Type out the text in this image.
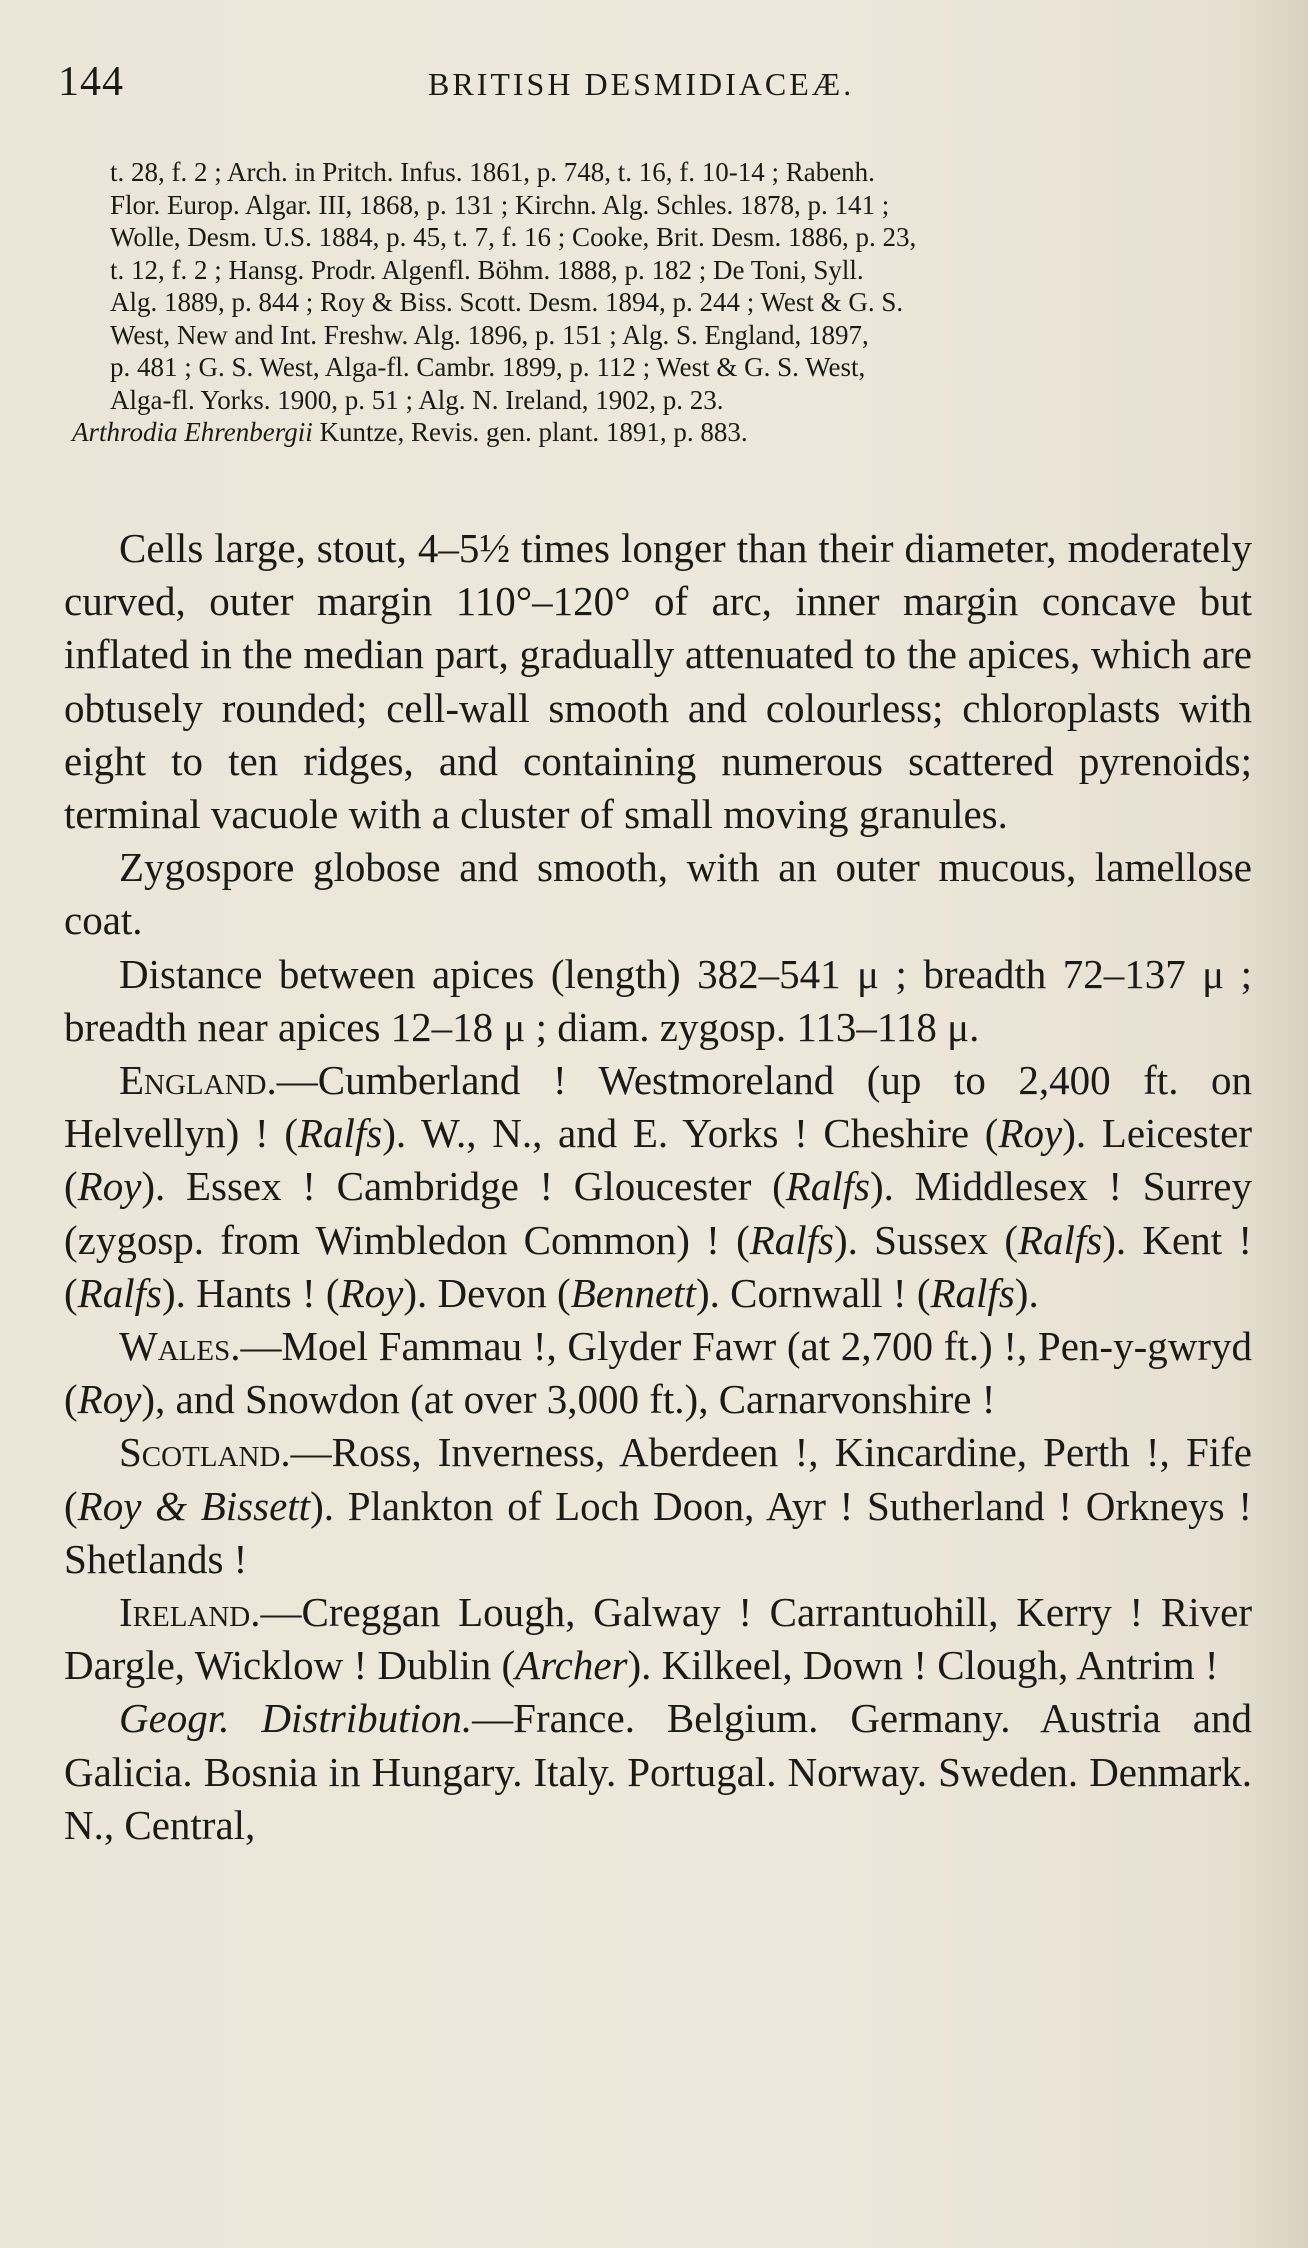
144	BRITISH DESMIDIACEÆ.
t. 28, f. 2 ; Arch. in Pritch. Infus. 1861, p. 748, t. 16, f. 10-14 ; Rabenh.
Flor. Europ. Algar. III, 1868, p. 131 ; Kirchn. Alg. Schles. 1878, p. 141 ;
Wolle, Desm. U.S. 1884, p. 45, t. 7, f. 16 ; Cooke, Brit. Desm. 1886, p. 23,
t. 12, f. 2 ; Hansg. Prodr. Algenfl. Böhm. 1888, p. 182 ; De Toni, Syll.
Alg. 1889, p. 844 ; Roy & Biss. Scott. Desm. 1894, p. 244 ; West & G. S.
West, New and Int. Freshw. Alg. 1896, p. 151 ; Alg. S. England, 1897,
p. 481 ; G. S. West, Alga-fl. Cambr. 1899, p. 112 ; West & G. S. West,
Alga-fl. Yorks. 1900, p. 51 ; Alg. N. Ireland, 1902, p. 23.
Arthrodia Ehrenbergii Kuntze, Revis. gen. plant. 1891, p. 883.

Cells large, stout, 4–5½ times longer than their diameter, moderately curved, outer margin 110°–120° of arc, inner margin concave but inflated in the median part, gradually attenuated to the apices, which are obtusely rounded; cell-wall smooth and colourless; chloroplasts with eight to ten ridges, and containing numerous scattered pyrenoids; terminal vacuole with a cluster of small moving granules.

Zygospore globose and smooth, with an outer mucous, lamellose coat.

Distance between apices (length) 382–541 μ ; breadth 72–137 μ ; breadth near apices 12–18 μ ; diam. zygosp. 113–118 μ.

England.—Cumberland ! Westmoreland (up to 2,400 ft. on Helvellyn) ! (Ralfs). W., N., and E. Yorks ! Cheshire (Roy). Leicester (Roy). Essex ! Cambridge ! Gloucester (Ralfs). Middlesex ! Surrey (zygosp. from Wimbledon Common) ! (Ralfs). Sussex (Ralfs). Kent ! (Ralfs). Hants ! (Roy). Devon (Bennett). Cornwall ! (Ralfs).

Wales.—Moel Fammau !, Glyder Fawr (at 2,700 ft.) !, Pen-y-gwryd (Roy), and Snowdon (at over 3,000 ft.), Carnarvonshire !

Scotland.—Ross, Inverness, Aberdeen !, Kincardine, Perth !, Fife (Roy & Bissett). Plankton of Loch Doon, Ayr ! Sutherland ! Orkneys ! Shetlands !

Ireland.—Creggan Lough, Galway ! Carrantuohill, Kerry ! River Dargle, Wicklow ! Dublin (Archer). Kilkeel, Down ! Clough, Antrim !

Geogr. Distribution.—France. Belgium. Germany. Austria and Galicia. Bosnia in Hungary. Italy. Portugal. Norway. Sweden. Denmark. N., Central,
